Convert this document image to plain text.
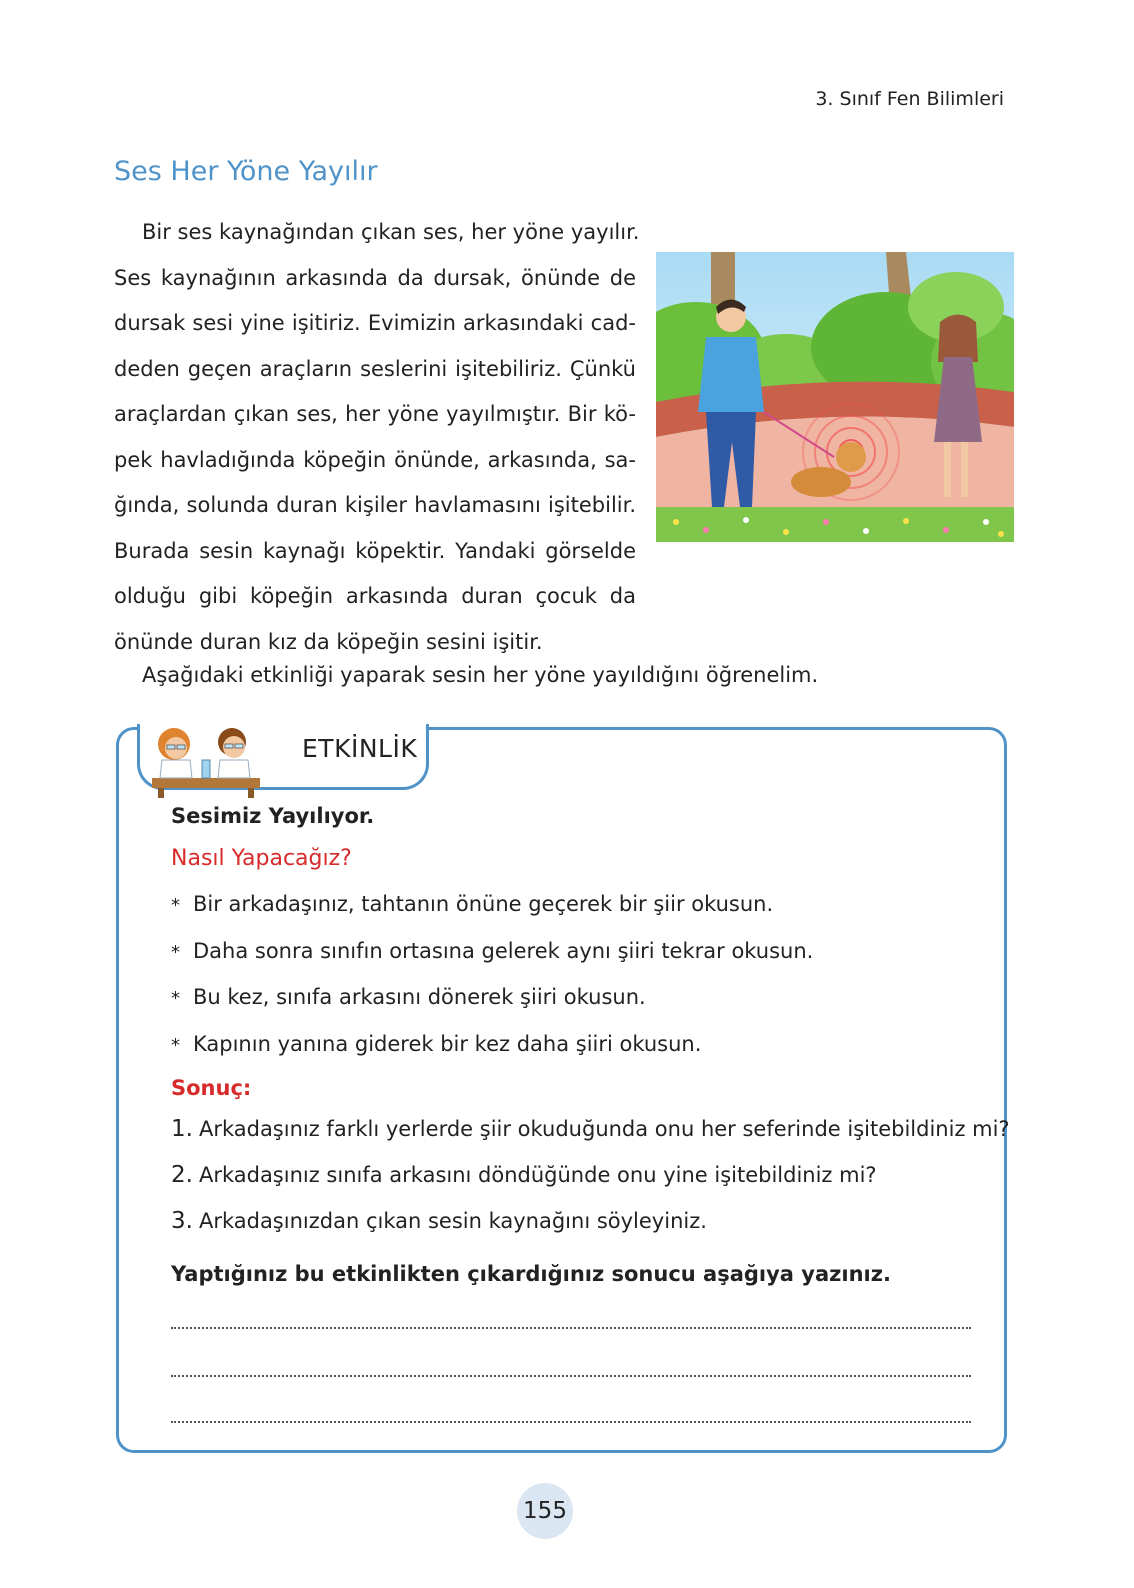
3. Sınıf Fen Bilimleri
Ses Her Yöne Yayılır
Bir ses kaynağından çıkan ses, her yöne yayılır.
Ses kaynağının arkasında da dursak, önünde de
dursak sesi yine işitiriz. Evimizin arkasındaki cad-
deden geçen araçların seslerini işitebiliriz. Çünkü
araçlardan çıkan ses, her yöne yayılmıştır. Bir kö-
pek havladığında köpeğin önünde, arkasında, sa-
ğında, solunda duran kişiler havlamasını işitebilir.
Burada sesin kaynağı köpektir. Yandaki görselde
olduğu gibi köpeğin arkasında duran çocuk da
önünde duran kız da köpeğin sesini işitir.
Aşağıdaki etkinliği yaparak sesin her yöne yayıldığını öğrenelim.
ETKİNLİK
Sesimiz Yayılıyor.
Nasıl Yapacağız?
* Bir arkadaşınız, tahtanın önüne geçerek bir şiir okusun.
* Daha sonra sınıfın ortasına gelerek aynı şiiri tekrar okusun.
* Bu kez, sınıfa arkasını dönerek şiiri okusun.
* Kapının yanına giderek bir kez daha şiiri okusun.
Sonuç:
1. Arkadaşınız farklı yerlerde şiir okuduğunda onu her seferinde işitebildiniz mi?
2. Arkadaşınız sınıfa arkasını döndüğünde onu yine işitebildiniz mi?
3. Arkadaşınızdan çıkan sesin kaynağını söyleyiniz.
Yaptığınız bu etkinlikten çıkardığınız sonucu aşağıya yazınız.
155
